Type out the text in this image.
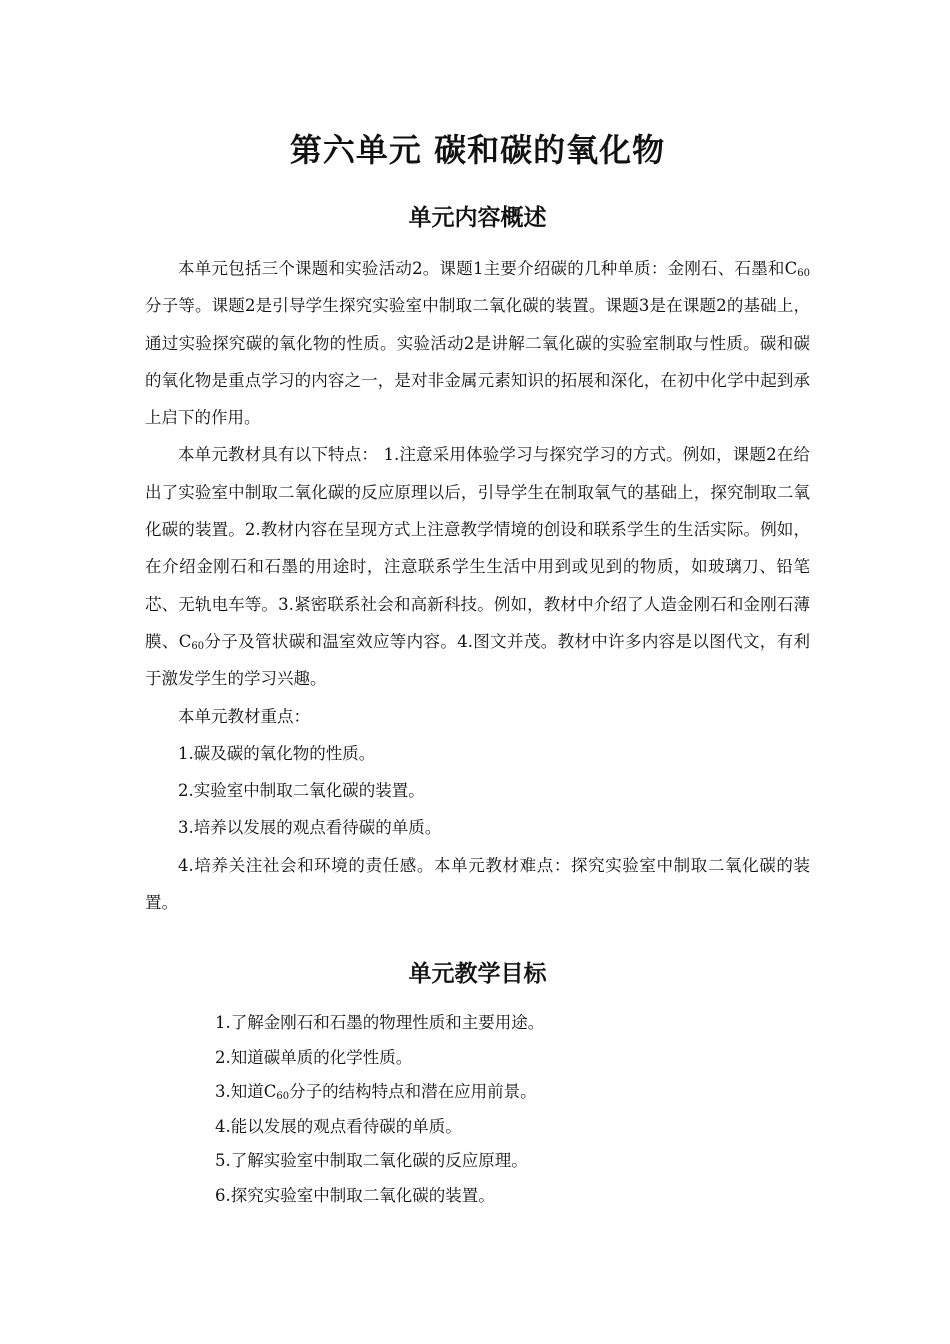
第六单元 碳和碳的氧化物
单元内容概述

本单元包括三个课题和实验活动2。课题1主要介绍碳的几种单质：金刚石、石墨和$C_{60}$分子等。课题2是引导学生探究实验室中制取二氧化碳的装置。课题3是在课题2的基础上，通过实验探究碳的氧化物的性质。实验活动2是讲解二氧化碳的实验室制取与性质。碳和碳的氧化物是重点学习的内容之一，是对非金属元素知识的拓展和深化，在初中化学中起到承上启下的作用。

本单元教材具有以下特点： 1.注意采用体验学习与探究学习的方式。例如，课题2在给出了实验室中制取二氧化碳的反应原理以后，引导学生在制取氧气的基础上，探究制取二氧化碳的装置。2.教材内容在呈现方式上注意教学情境的创设和联系学生的生活实际。例如，在介绍金刚石和石墨的用途时，注意联系学生生活中用到或见到的物质，如玻璃刀、铅笔芯、无轨电车等。3.紧密联系社会和高新科技。例如，教材中介绍了人造金刚石和金刚石薄膜、$C_{60}$分子及管状碳和温室效应等内容。4.图文并茂。教材中许多内容是以图代文，有利于激发学生的学习兴趣。

本单元教材重点：

1.碳及碳的氧化物的性质。

2.实验室中制取二氧化碳的装置。

3.培养以发展的观点看待碳的单质。

4.培养关注社会和环境的责任感。本单元教材难点：探究实验室中制取二氧化碳的装置。

单元教学目标

1.了解金刚石和石墨的物理性质和主要用途。

2.知道碳单质的化学性质。

3.知道$C_{60}$分子的结构特点和潜在应用前景。

4.能以发展的观点看待碳的单质。

5.了解实验室中制取二氧化碳的反应原理。

6.探究实验室中制取二氧化碳的装置。
